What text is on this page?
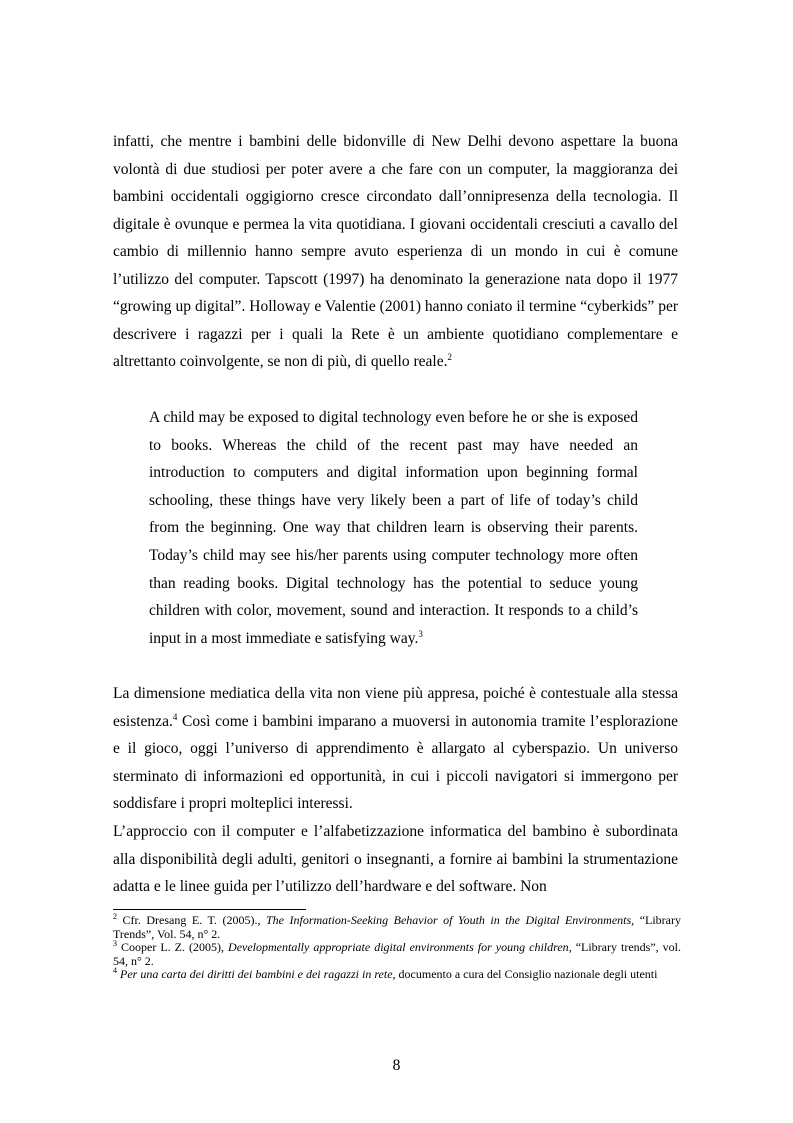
infatti, che mentre i bambini delle bidonville di New Delhi devono aspettare la buona volontà di due studiosi per poter avere a che fare con un computer, la maggioranza dei bambini occidentali oggigiorno cresce circondato dall’onnipresenza della tecnologia. Il digitale è ovunque e permea la vita quotidiana. I giovani occidentali cresciuti a cavallo del cambio di millennio hanno sempre avuto esperienza di un mondo in cui è comune l’utilizzo del computer. Tapscott (1997) ha denominato la generazione nata dopo il 1977 “growing up digital”. Holloway e Valentie (2001) hanno coniato il termine “cyberkids” per descrivere i ragazzi per i quali la Rete è un ambiente quotidiano complementare e altrettanto coinvolgente, se non di più, di quello reale.$^2$

A child may be exposed to digital technology even before he or she is exposed to books. Whereas the child of the recent past may have needed an introduction to computers and digital information upon beginning formal schooling, these things have very likely been a part of life of today’s child from the beginning. One way that children learn is observing their parents. Today’s child may see his/her parents using computer technology more often than reading books. Digital technology has the potential to seduce young children with color, movement, sound and interaction. It responds to a child’s input in a most immediate e satisfying way.$^3$

La dimensione mediatica della vita non viene più appresa, poiché è contestuale alla stessa esistenza.$^4$ Così come i bambini imparano a muoversi in autonomia tramite l’esplorazione e il gioco, oggi l’universo di apprendimento è allargato al cyberspazio. Un universo sterminato di informazioni ed opportunità, in cui i piccoli navigatori si immergono per soddisfare i propri molteplici interessi.

L’approccio con il computer e l’alfabetizzazione informatica del bambino è subordinata alla disponibilità degli adulti, genitori o insegnanti, a fornire ai bambini la strumentazione adatta e le linee guida per l’utilizzo dell’hardware e del software. Non

$^2$ Cfr. Dresang E. T. (2005)., The Information-Seeking Behavior of Youth in the Digital Environments, “Library Trends”, Vol. 54, n° 2.

$^3$ Cooper L. Z. (2005), Developmentally appropriate digital environments for young children, “Library trends”, vol. 54, n° 2.

$^4$ Per una carta dei diritti dei bambini e dei ragazzi in rete, documento a cura del Consiglio nazionale degli utenti

8
